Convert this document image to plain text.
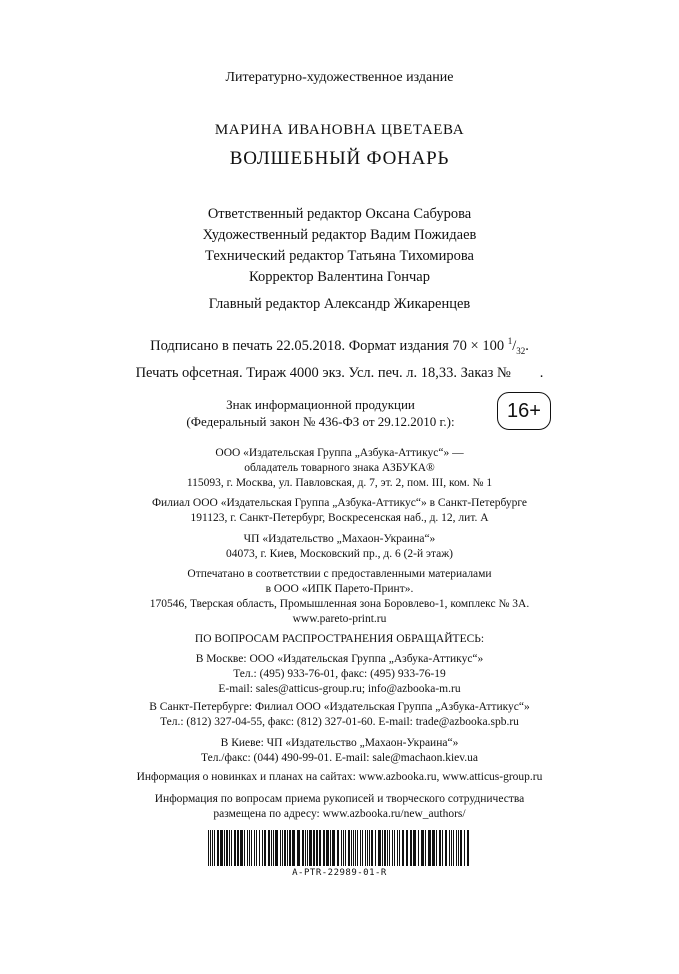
Литературно-художественное издание
МАРИНА ИВАНОВНА ЦВЕТАЕВА
ВОЛШЕБНЫЙ ФОНАРЬ
Ответственный редактор Оксана Сабурова
Художественный редактор Вадим Пожидаев
Технический редактор Татьяна Тихомирова
Корректор Валентина Гончар
Главный редактор Александр Жикаренцев
Подписано в печать 22.05.2018. Формат издания 70 × 100 $^1/_{32}$.
Печать офсетная. Тираж 4000 экз. Усл. печ. л. 18,33. Заказ №        .
Знак информационной продукции
(Федеральный закон № 436-ФЗ от 29.12.2010 г.):	16+
ООО «Издательская Группа „Азбука-Аттикус“» —
обладатель товарного знака АЗБУКА®
115093, г. Москва, ул. Павловская, д. 7, эт. 2, пом. III, ком. № 1
Филиал ООО «Издательская Группа „Азбука-Аттикус“» в Санкт-Петербурге
191123, г. Санкт-Петербург, Воскресенская наб., д. 12, лит. А
ЧП «Издательство „Махаон-Украина“»
04073, г. Киев, Московский пр., д. 6 (2-й этаж)
Отпечатано в соответствии с предоставленными материалами
в ООО «ИПК Парето-Принт».
170546, Тверская область, Промышленная зона Боровлево-1, комплекс № 3А.
www.pareto-print.ru
ПО ВОПРОСАМ РАСПРОСТРАНЕНИЯ ОБРАЩАЙТЕСЬ:
В Москве: ООО «Издательская Группа „Азбука-Аттикус“»
Тел.: (495) 933-76-01, факс: (495) 933-76-19
E-mail: sales@atticus-group.ru; info@azbooka-m.ru
В Санкт-Петербурге: Филиал ООО «Издательская Группа „Азбука-Аттикус“»
Тел.: (812) 327-04-55, факс: (812) 327-01-60. E-mail: trade@azbooka.spb.ru
В Киеве: ЧП «Издательство „Махаон-Украина“»
Тел./факс: (044) 490-99-01. E-mail: sale@machaon.kiev.ua
Информация о новинках и планах на сайтах: www.azbooka.ru, www.atticus-group.ru
Информация по вопросам приема рукописей и творческого сотрудничества
размещена по адресу: www.azbooka.ru/new_authors/
А-PTR-22989-01-R
